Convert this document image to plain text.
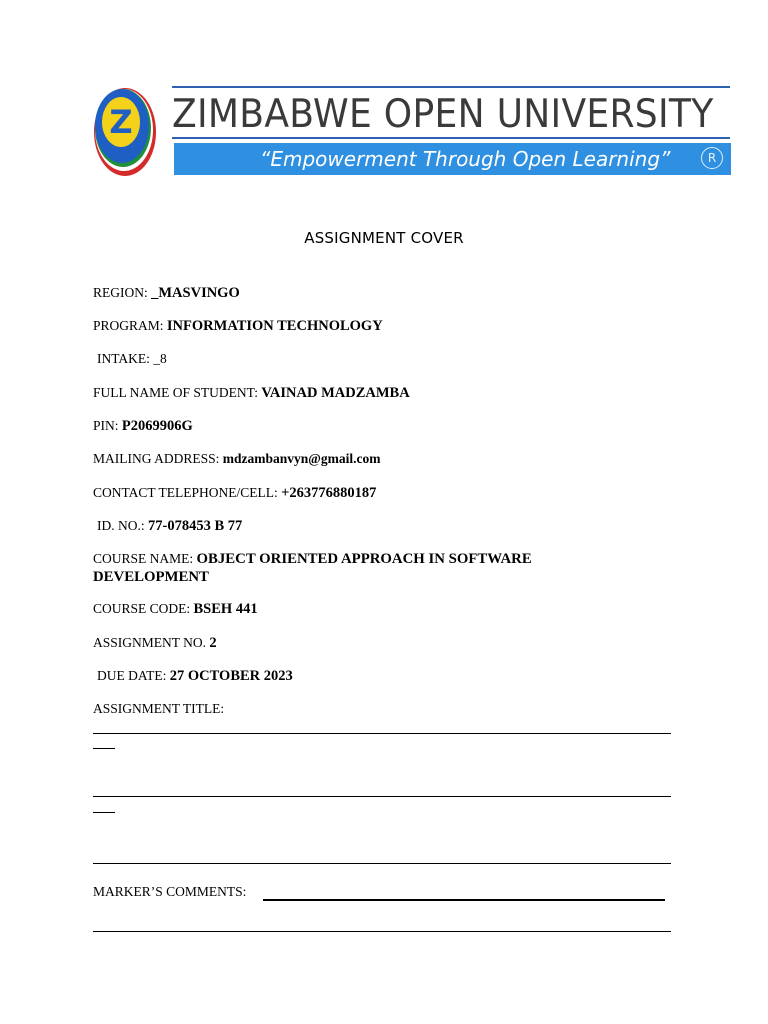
Z ZIMBABWE OPEN UNIVERSITY
“Empowerment Through Open Learning”	R
ASSIGNMENT COVER
REGION: _MASVINGO
PROGRAM: INFORMATION TECHNOLOGY
INTAKE: _8
FULL NAME OF STUDENT: VAINAD MADZAMBA
PIN: P2069906G
MAILING ADDRESS: mdzambanvyn@gmail.com
CONTACT TELEPHONE/CELL: +263776880187
ID. NO.: 77-078453 B 77
COURSE NAME: OBJECT ORIENTED APPROACH IN SOFTWARE DEVELOPMENT
COURSE CODE: BSEH 441
ASSIGNMENT NO. 2
DUE DATE: 27 OCTOBER 2023
ASSIGNMENT TITLE:
MARKER’S COMMENTS:
